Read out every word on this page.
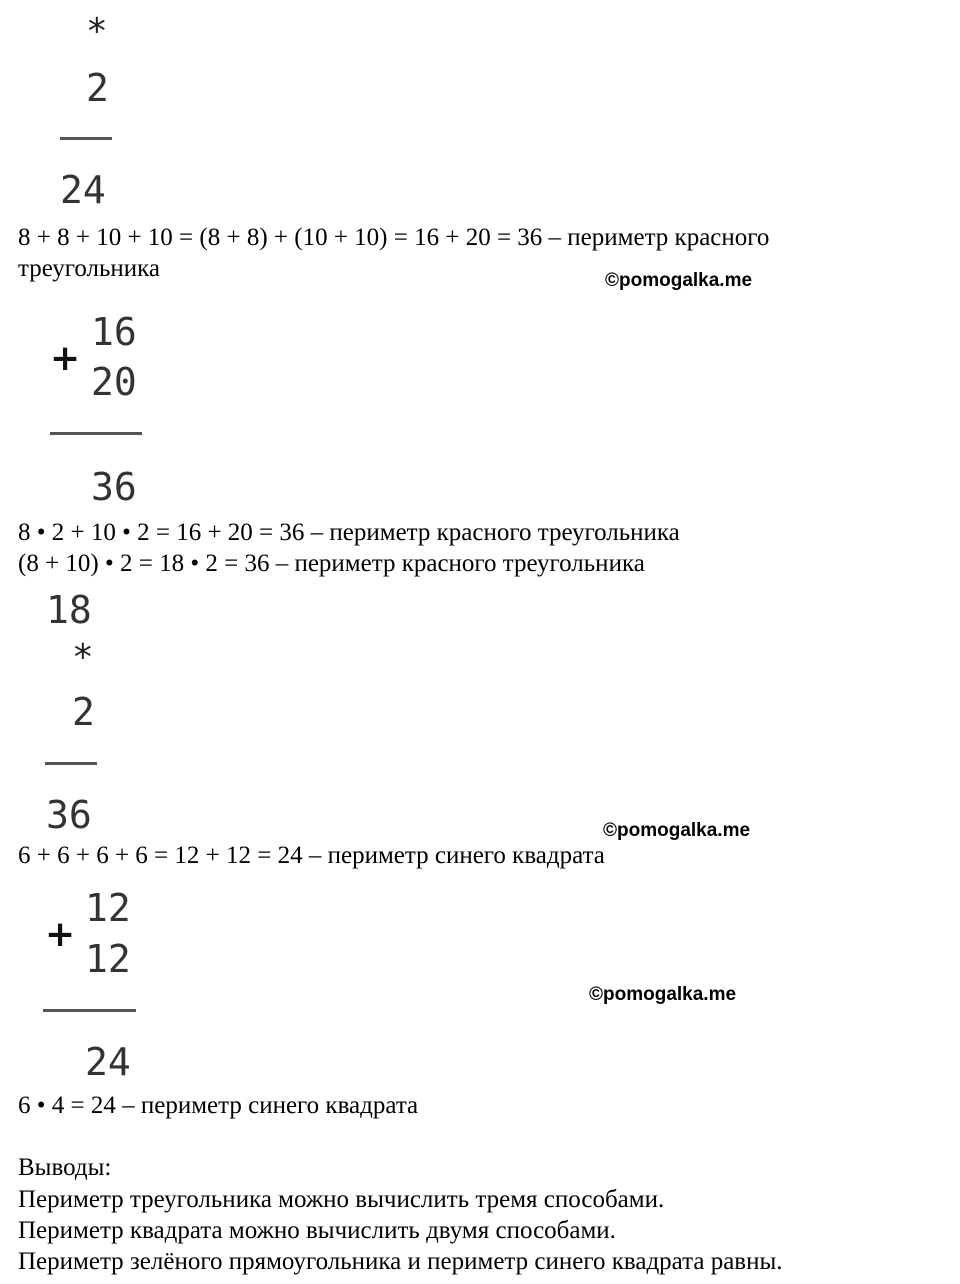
*
2
24
8 + 8 + 10 + 10 = (8 + 8) + (10 + 10) = 16 + 20 = 36 – периметр красного
треугольника	©pomogalka.me
+
16
20
36
8 • 2 + 10 • 2 = 16 + 20 = 36 – периметр красного треугольника
(8 + 10) • 2 = 18 • 2 = 36 – периметр красного треугольника
18
*
2
36	©pomogalka.me
6 + 6 + 6 + 6 = 12 + 12 = 24 – периметр синего квадрата
+
12
12
24
©pomogalka.me
6 • 4 = 24 – периметр синего квадрата
Выводы:
Периметр треугольника можно вычислить тремя способами.
Периметр квадрата можно вычислить двумя способами.
Периметр зелёного прямоугольника и периметр синего квадрата равны.
